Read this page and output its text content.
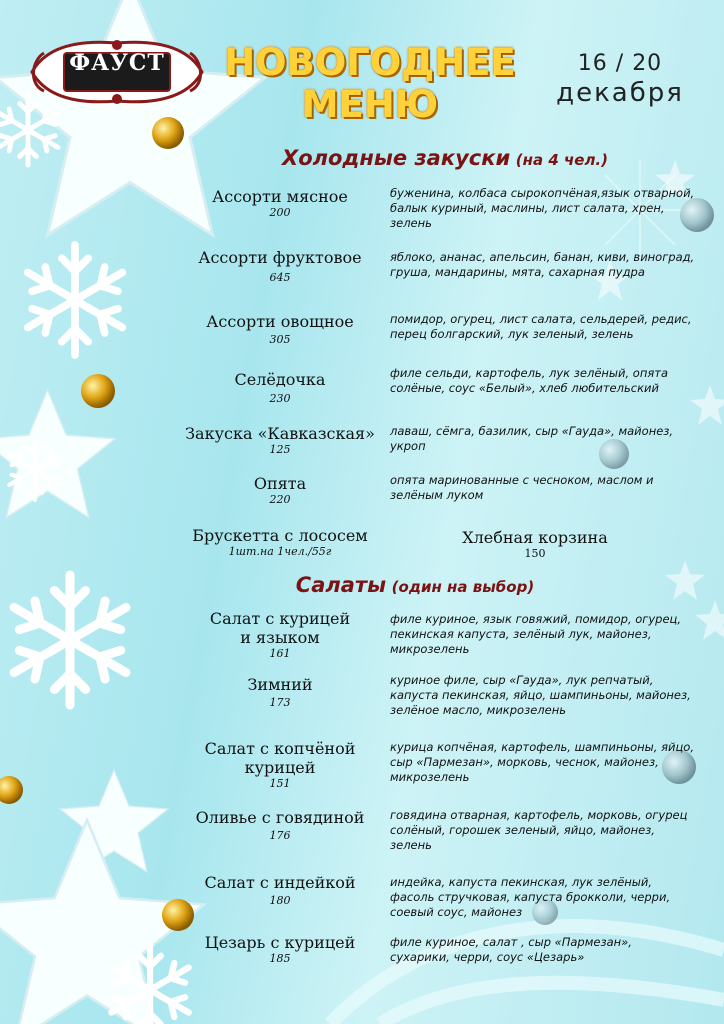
ФАУСТ	НОВОГОДНЕЕ
МЕНЮ
16 / 20
декабря
Холодные закуски (на 4 чел.)
Ассорти мясное
200
буженина, колбаса сырокопчёная,язык отварной, балык куриный, маслины, лист салата, хрен, зелень
Ассорти фруктовое
645
яблоко, ананас, апельсин, банан, киви, виноград, груша, мандарины, мята, сахарная пудра
Ассорти овощное
305
помидор, огурец, лист салата, сельдерей, редис, перец болгарский, лук зеленый, зелень
Селёдочка
230
филе сельди, картофель, лук зелёный, опята солёные, соус «Белый», хлеб любительский
Закуска «Кавказская»
125
лаваш, сёмга, базилик, сыр «Гауда», майонез, укроп
Опята
220
опята маринованные с чесноком, маслом и зелёным луком
Брускетта с лососем
1шт.на 1чел./55г
Хлебная корзина
150
Салаты (один на выбор)
Салат с курицей
и языком
161
филе куриное, язык говяжий, помидор, огурец, пекинская капуста, зелёный лук, майонез, микрозелень
Зимний
173
куриное филе, сыр «Гауда», лук репчатый, капуста пекинская, яйцо, шампиньоны, майонез, зелёное масло, микрозелень
Салат с копчёной
курицей
151
курица копчёная, картофель, шампиньоны, яйцо, сыр «Пармезан», морковь, чеснок, майонез, микрозелень
Оливье с говядиной
176
говядина отварная, картофель, морковь, огурец солёный, горошек зеленый, яйцо, майонез, зелень
Салат с индейкой
180
индейка, капуста пекинская, лук зелёный, фасоль стручковая, капуста брокколи, черри, соевый соус, майонез
Цезарь с курицей
185
филе куриное, салат , сыр «Пармезан», сухарики, черри, соус «Цезарь»
